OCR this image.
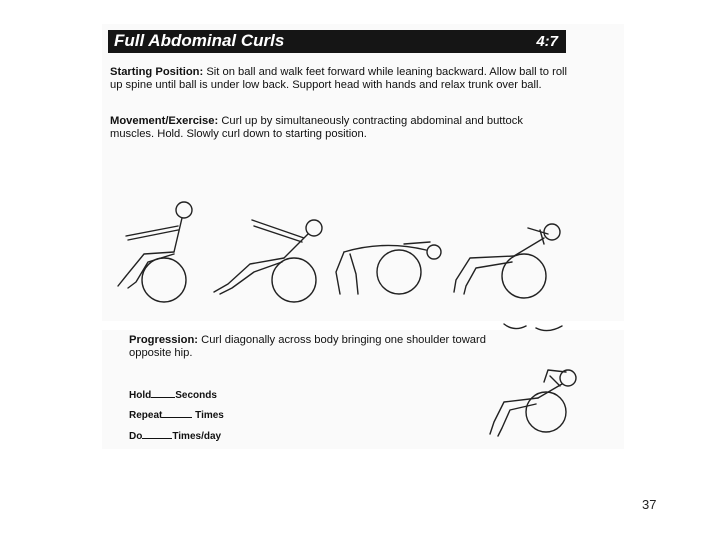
Full Abdominal Curls	4:7
Starting Position: Sit on ball and walk feet forward while leaning backward. Allow ball to roll up spine until ball is under low back. Support head with hands and relax trunk over ball.
Movement/Exercise: Curl up by simultaneously contracting abdominal and buttock muscles. Hold. Slowly curl down to starting position.
Progression: Curl diagonally across body bringing one shoulder toward opposite hip.
Hold Seconds
Repeat	Times
Do	Times/day
37
